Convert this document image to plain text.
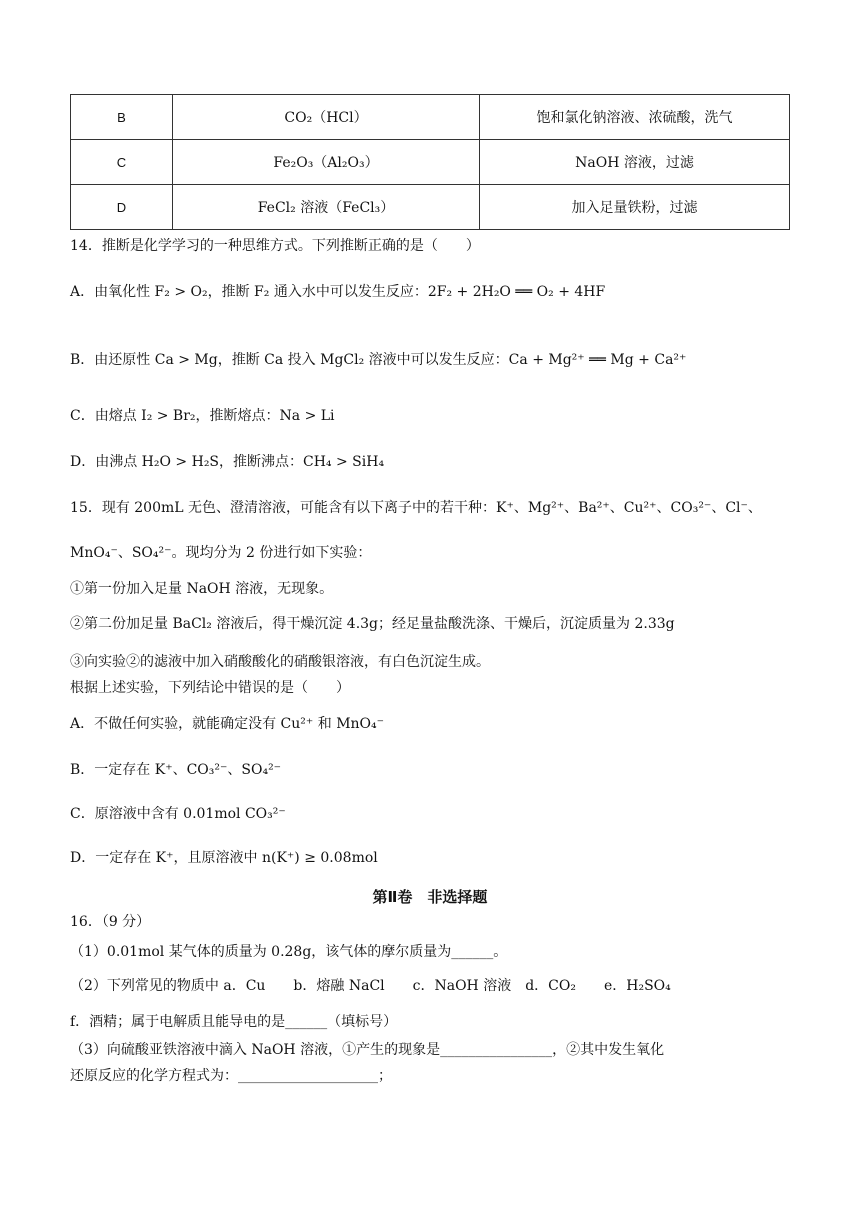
B	CO₂（HCl）	饱和氯化钠溶液、浓硫酸，洗气
C	Fe₂O₃（Al₂O₃）	NaOH 溶液，过滤
D	FeCl₂ 溶液（FeCl₃）	加入足量铁粉，过滤
14．推断是化学学习的一种思维方式。下列推断正确的是（　　）
A．由氧化性 F₂ > O₂，推断 F₂ 通入水中可以发生反应：2F₂ + 2H₂O ══ O₂ + 4HF
B．由还原性 Ca > Mg，推断 Ca 投入 MgCl₂ 溶液中可以发生反应：Ca + Mg²⁺ ══ Mg + Ca²⁺
C．由熔点 I₂ > Br₂，推断熔点：Na > Li
D．由沸点 H₂O > H₂S，推断沸点：CH₄ > SiH₄
15．现有 200mL 无色、澄清溶液，可能含有以下离子中的若干种：K⁺、Mg²⁺、Ba²⁺、Cu²⁺、CO₃²⁻、Cl⁻、
MnO₄⁻、SO₄²⁻。现均分为 2 份进行如下实验：
①第一份加入足量 NaOH 溶液，无现象。
②第二份加足量 BaCl₂ 溶液后，得干燥沉淀 4.3g；经足量盐酸洗涤、干燥后，沉淀质量为 2.33g
③向实验②的滤液中加入硝酸酸化的硝酸银溶液，有白色沉淀生成。
根据上述实验，下列结论中错误的是（　　）
A．不做任何实验，就能确定没有 Cu²⁺ 和 MnO₄⁻
B．一定存在 K⁺、CO₃²⁻、SO₄²⁻
C．原溶液中含有 0.01mol CO₃²⁻
D．一定存在 K⁺，且原溶液中 n(K⁺) ≥ 0.08mol
第Ⅱ卷　非选择题
16．（9 分）
（1）0.01mol 某气体的质量为 0.28g，该气体的摩尔质量为______。
（2）下列常见的物质中 a．Cu　　b．熔融 NaCl　　c．NaOH 溶液　d．CO₂　　e．H₂SO₄
f．酒精；属于电解质且能导电的是______（填标号）
（3）向硫酸亚铁溶液中滴入 NaOH 溶液，①产生的现象是________________，②其中发生氧化
还原反应的化学方程式为：____________________；
